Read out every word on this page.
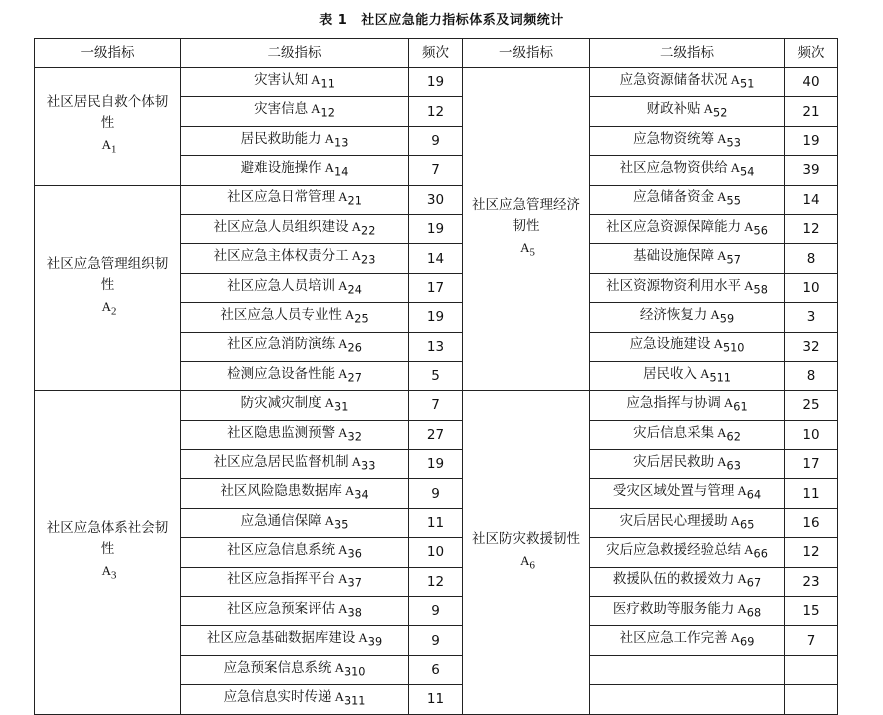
表 1 社区应急能力指标体系及词频统计
一级指标	二级指标	频次	一级指标	二级指标	频次
社区居民自救个体韧性$A_1$	灾害认知 $A_{11}$	19	社区应急管理经济韧性$A_5$	应急资源储备状况 $A_{51}$	40
	灾害信息 $A_{12}$	12		财政补贴 $A_{52}$	21
	居民救助能力 $A_{13}$	9		应急物资统筹 $A_{53}$	19
	避难设施操作 $A_{14}$	7		社区应急物资供给 $A_{54}$	39
社区应急管理组织韧性$A_2$	社区应急日常管理 $A_{21}$	30		应急储备资金 $A_{55}$	14
	社区应急人员组织建设 $A_{22}$	19		社区应急资源保障能力 $A_{56}$	12
	社区应急主体权责分工 $A_{23}$	14		基础设施保障 $A_{57}$	8
	社区应急人员培训 $A_{24}$	17		社区资源物资利用水平 $A_{58}$	10
	社区应急人员专业性 $A_{25}$	19		经济恢复力 $A_{59}$	3
	社区应急消防演练 $A_{26}$	13		应急设施建设 $A_{510}$	32
	检测应急设备性能 $A_{27}$	5		居民收入 $A_{511}$	8
社区应急体系社会韧性$A_3$	防灾减灾制度 $A_{31}$	7	社区防灾救援韧性$A_6$	应急指挥与协调 $A_{61}$	25
	社区隐患监测预警 $A_{32}$	27		灾后信息采集 $A_{62}$	10
	社区应急居民监督机制 $A_{33}$	19		灾后居民救助 $A_{63}$	17
	社区风险隐患数据库 $A_{34}$	9		受灾区域处置与管理 $A_{64}$	11
	应急通信保障 $A_{35}$	11		灾后居民心理援助 $A_{65}$	16
	社区应急信息系统 $A_{36}$	10		灾后应急救援经验总结 $A_{66}$	12
	社区应急指挥平台 $A_{37}$	12		救援队伍的救援效力 $A_{67}$	23
	社区应急预案评估 $A_{38}$	9		医疗救助等服务能力 $A_{68}$	15
	社区应急基础数据库建设 $A_{39}$	9		社区应急工作完善 $A_{69}$	7
	应急预案信息系统 $A_{310}$	6			
	应急信息实时传递 $A_{311}$	11			
